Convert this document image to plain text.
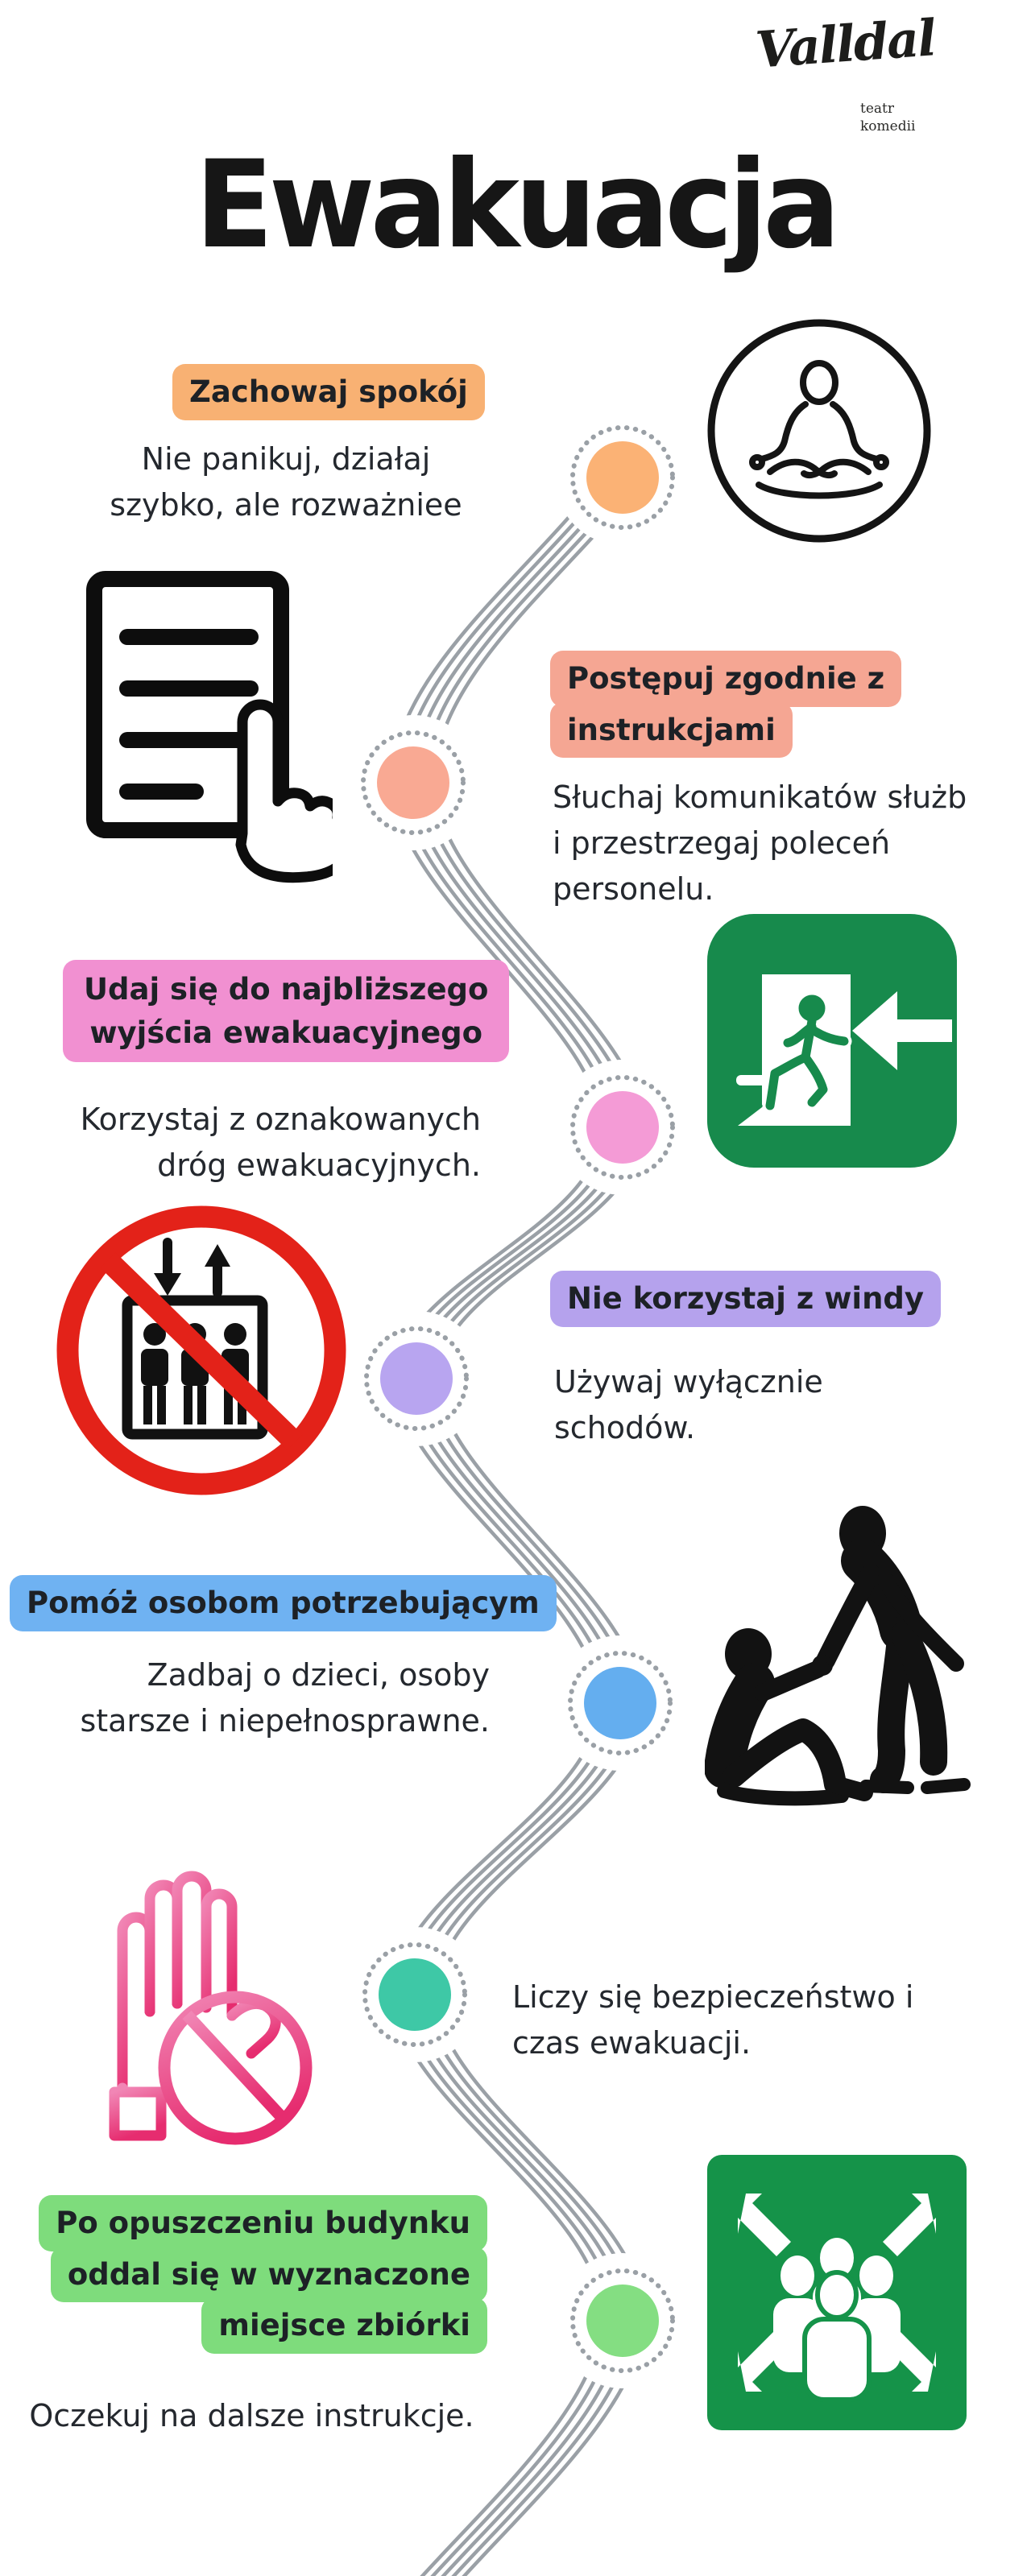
Valldal
teatr
komedii
Ewakuacja
Zachowaj spokój
Nie panikuj, działaj
szybko, ale rozważniee
Postępuj zgodnie z
instrukcjami
Słuchaj komunikatów służb
i przestrzegaj poleceń
personelu.
Udaj się do najbliższego
wyjścia ewakuacyjnego
Korzystaj z oznakowanych
dróg ewakuacyjnych.
Nie korzystaj z windy
Używaj wyłącznie
schodów.
Pomóż osobom potrzebującym
Zadbaj o dzieci, osoby
starsze i niepełnosprawne.
Liczy się bezpieczeństwo i
czas ewakuacji.
Po opuszczeniu budynku
oddal się w wyznaczone
miejsce zbiórki
Oczekuj na dalsze instrukcje.
